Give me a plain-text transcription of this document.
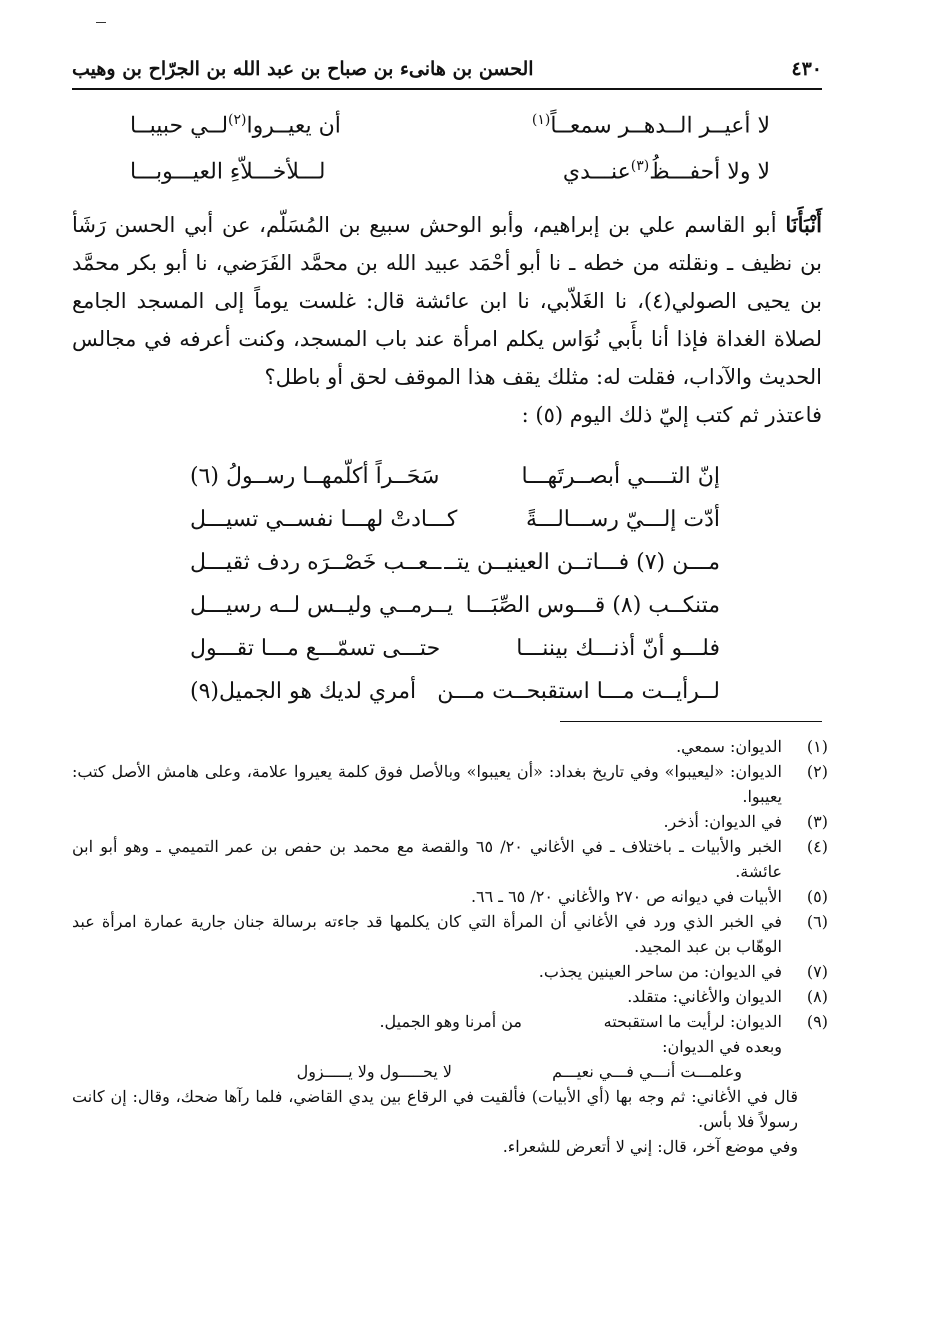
٤٣٠
الحسن بن هانىء بن صباح بن عبد الله بن الجرّاح بن وهيب
لا أعيــر الــدهــر سمعــاً$^{(١)}$
أن يعيــروا$^{(٢)}$لــي حبيبــا
لا ولا أحفـــظُ$^{(٣)}$عنـــدي
لـــلأخـــلاّءِ العيـــوبـــا
أَنْبَأَنَا أبو القاسم علي بن إبراهيم، وأبو الوحش سبيع بن المُسَلّم، عن أبي الحسن رَشَأ بن نظيف ـ ونقلته من خطه ـ نا أبو أحْمَد عبيد الله بن محمَّد الفَرَضي، نا أبو بكر محمَّد بن يحيى الصولي(٤)، نا الغَلاّبي، نا ابن عائشة قال: غلست يوماً إلى المسجد الجامع لصلاة الغداة فإذا أنا بأَبي نُوَاس يكلم امرأة عند باب المسجد، وكنت أعرفه في مجالس الحديث والآداب، فقلت له: مثلك يقف هذا الموقف لحق أو باطل؟
فاعتذر ثم كتب إليّ ذلك اليوم (٥) :
إنّ التــــي أبصــرتَهـــا
سَحَــراً أكلّمهــا رســولُ (٦)
أدّت إلـــيّ رســـالـــةً
كـــادتْ لهـــا نفســي تسيـــل
مـــن (٧) فـــاتــن العينيــن يتــ
ــعــب خَصْــرَه ردف ثقيـــل
متنكــب (٨) قـــوس الصِّبَـــا
يــرمــي وليــس لــه رسيـــل
فلـــو أنّ أذنـــك بيننـــا
حتـــى تسمّـــع مـــا تقـــول
لــرأيــت مـــا استقبحــت مـــن
أمري لديك هو الجميل(٩)
(١)
الديوان: سمعي.
(٢)
الديوان: «ليعيبوا» وفي تاريخ بغداد: «أن يعيبوا» وبالأصل فوق كلمة يعيروا علامة، وعلى هامش الأصل كتب: يعيبوا.
(٣)
في الديوان: أذخر.
(٤)
الخبر والأبيات ـ باختلاف ـ في الأغاني ٢٠/ ٦٥ والقصة مع محمد بن حفص بن عمر التميمي ـ وهو أبو ابن عائشة.
(٥)
الأبيات في ديوانه ص ٢٧٠ والأغاني ٢٠/ ٦٥ ـ ٦٦.
(٦)
في الخبر الذي ورد في الأغاني أن المرأة التي كان يكلمها قد جاءته برسالة جنان جارية عمارة امرأة عبد الوهّاب بن عبد المجيد.
(٧)
في الديوان: من ساحر العينين يجذب.
(٨)
الديوان والأغاني: متقلد.
(٩)
الديوان: لرأيت ما استقبحته
من أمرنا وهو الجميل.
وبعده في الديوان:
وعلمـــت أنـــي فـــي نعيـــم
لا يحـــــول ولا يـــــزول
قال في الأغاني: ثم وجه بها (أي الأبيات) فألقيت في الرقاع بين يدي القاضي، فلما رآها ضحك، وقال: إن كانت رسولاً فلا بأس.
وفي موضع آخر، قال: إني لا أتعرض للشعراء.
